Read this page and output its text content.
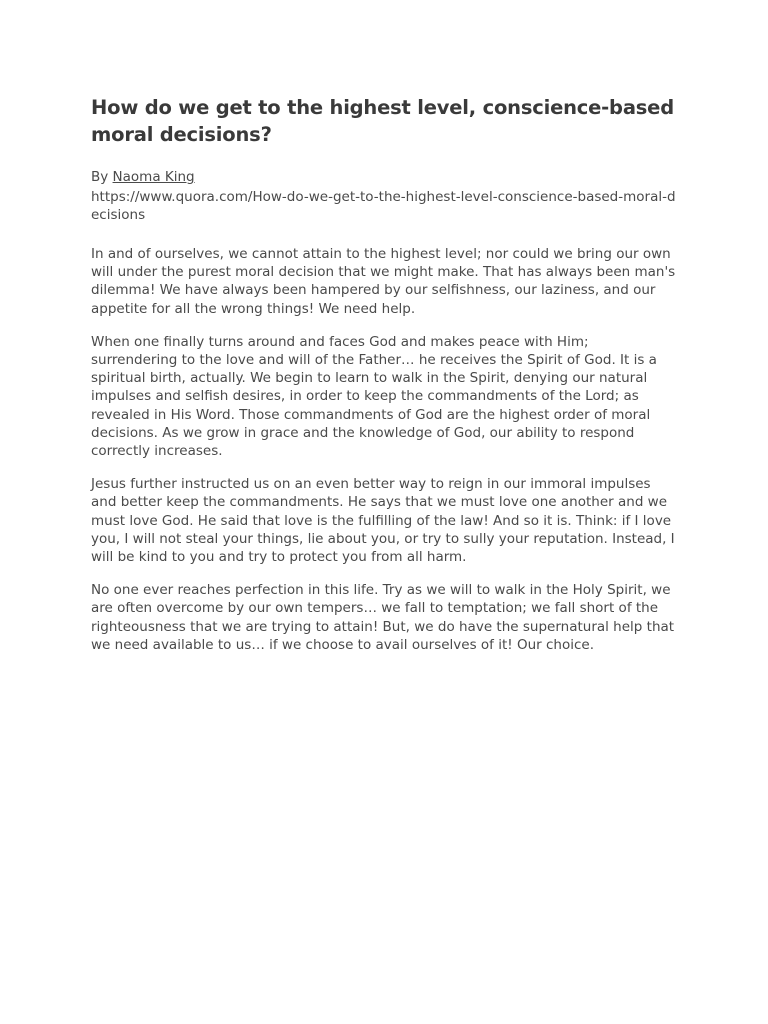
How do we get to the highest level, conscience-based moral decisions?
By Naoma King
https://www.quora.com/How-do-we-get-to-the-highest-level-conscience-based-moral-decisions

In and of ourselves, we cannot attain to the highest level; nor could we bring our own will under the purest moral decision that we might make. That has always been man's dilemma! We have always been hampered by our selfishness, our laziness, and our appetite for all the wrong things! We need help.

When one finally turns around and faces God and makes peace with Him; surrendering to the love and will of the Father… he receives the Spirit of God. It is a spiritual birth, actually. We begin to learn to walk in the Spirit, denying our natural impulses and selfish desires, in order to keep the commandments of the Lord; as revealed in His Word. Those commandments of God are the highest order of moral decisions. As we grow in grace and the knowledge of God, our ability to respond correctly increases.

Jesus further instructed us on an even better way to reign in our immoral impulses and better keep the commandments. He says that we must love one another and we must love God. He said that love is the fulfilling of the law! And so it is. Think: if I love you, I will not steal your things, lie about you, or try to sully your reputation. Instead, I will be kind to you and try to protect you from all harm.

No one ever reaches perfection in this life. Try as we will to walk in the Holy Spirit, we are often overcome by our own tempers… we fall to temptation; we fall short of the righteousness that we are trying to attain! But, we do have the supernatural help that we need available to us… if we choose to avail ourselves of it! Our choice.
